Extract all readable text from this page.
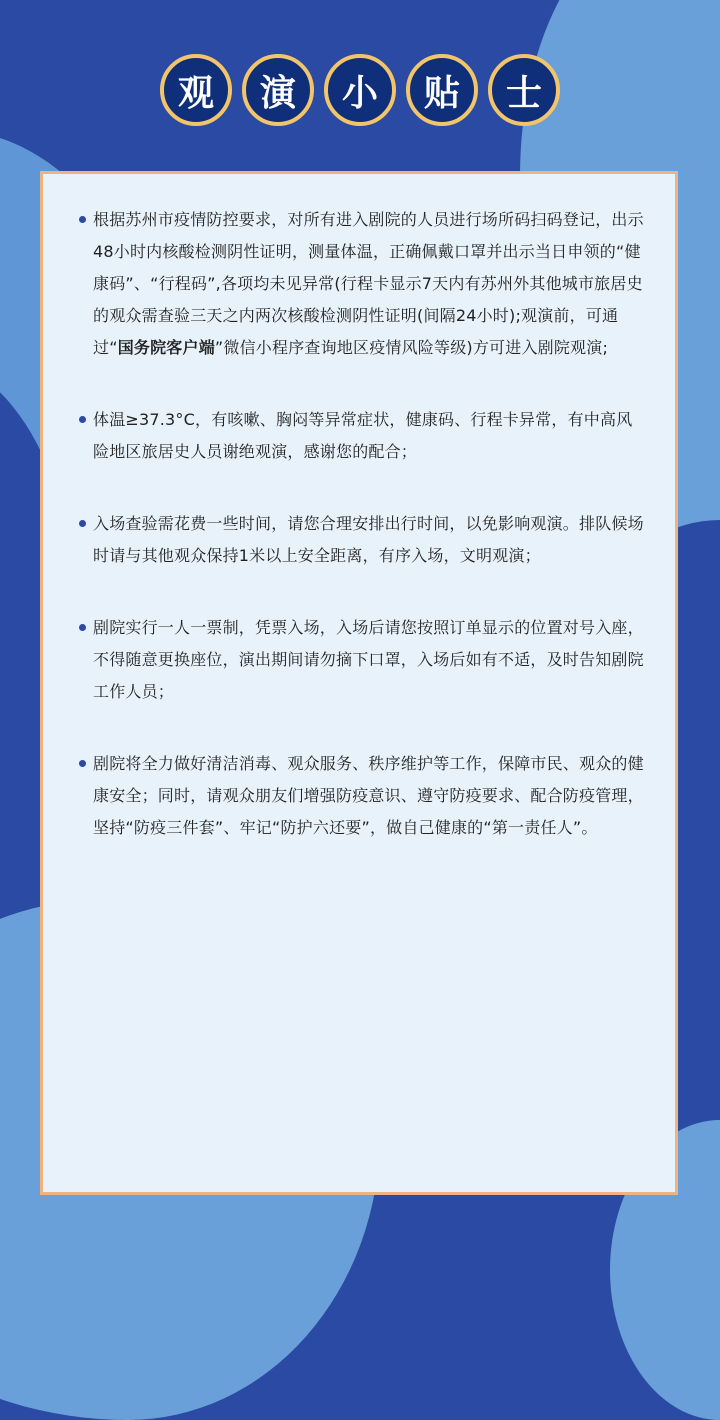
观	演	小	贴	士

根据苏州市疫情防控要求，对所有进入剧院的人员进行场所码扫码登记，出示48小时内核酸检测阴性证明，测量体温，正确佩戴口罩并出示当日申领的“健康码”、“行程码”,各项均未见异常(行程卡显示7天内有苏州外其他城市旅居史的观众需查验三天之内两次核酸检测阴性证明(间隔24小时);观演前，可通过“国务院客户端”微信小程序查询地区疫情风险等级)方可进入剧院观演;

体温≥37.3°C，有咳嗽、胸闷等异常症状，健康码、行程卡异常，有中高风险地区旅居史人员谢绝观演，感谢您的配合；

入场查验需花费一些时间，请您合理安排出行时间，以免影响观演。排队候场时请与其他观众保持1米以上安全距离，有序入场，文明观演；

剧院实行一人一票制，凭票入场，入场后请您按照订单显示的位置对号入座，不得随意更换座位，演出期间请勿摘下口罩，入场后如有不适，及时告知剧院工作人员；

剧院将全力做好清洁消毒、观众服务、秩序维护等工作，保障市民、观众的健康安全；同时，请观众朋友们增强防疫意识、遵守防疫要求、配合防疫管理，坚持“防疫三件套”、牢记“防护六还要”，做自己健康的“第一责任人”。
